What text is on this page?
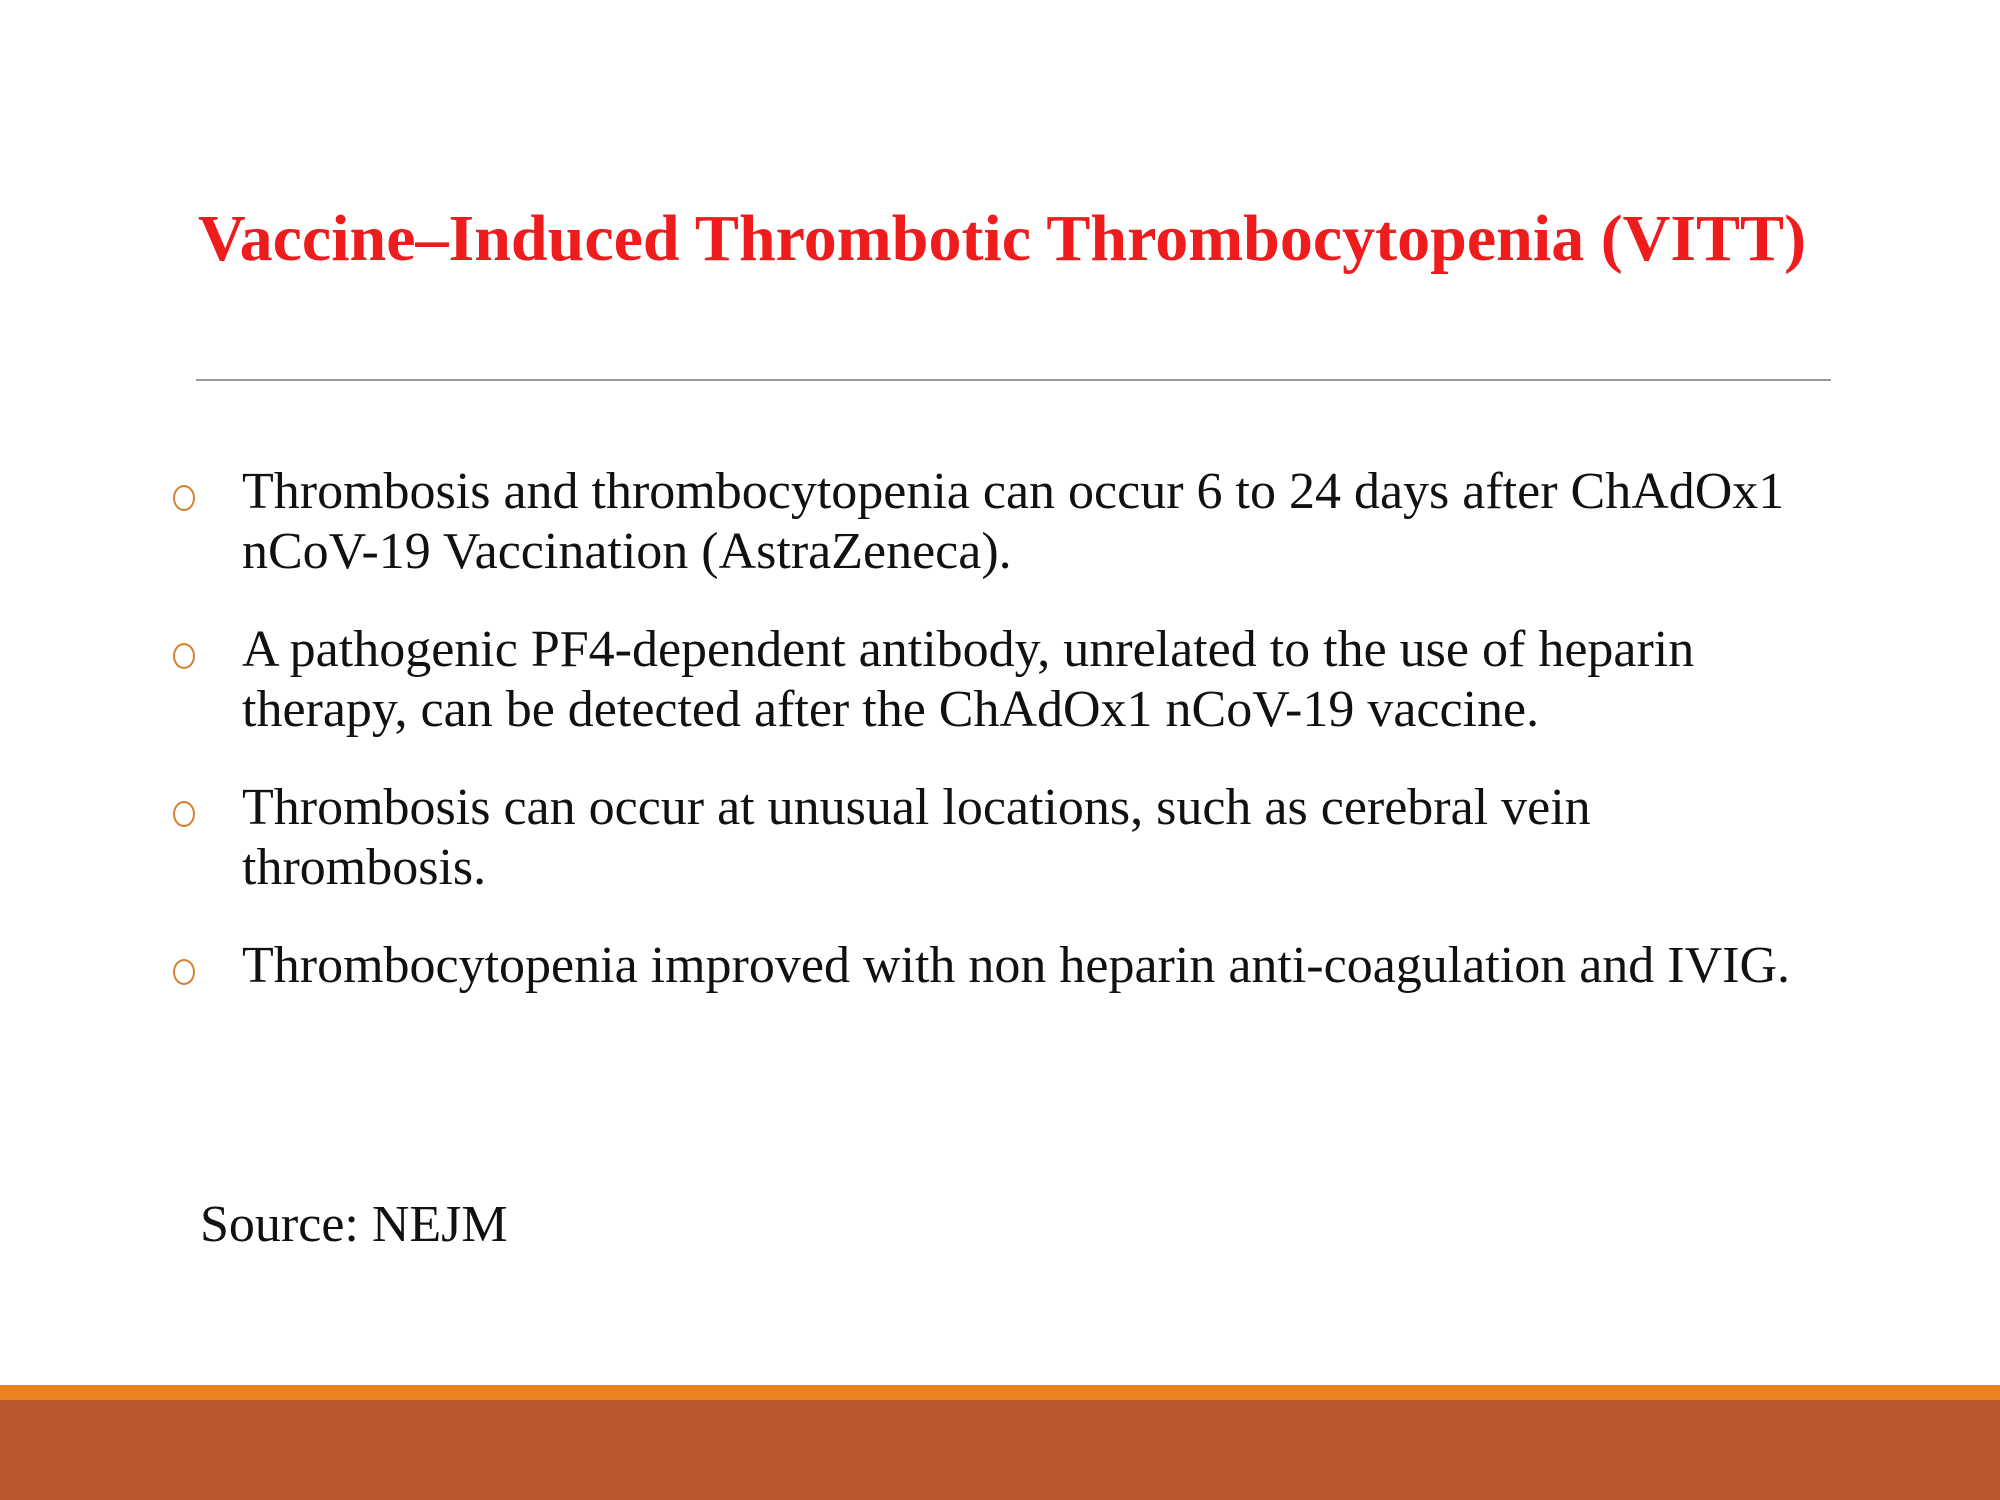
Vaccine–Induced Thrombotic Thrombocytopenia (VITT)
Thrombosis and thrombocytopenia can occur 6 to 24 days after ChAdOx1 nCoV-19 Vaccination (AstraZeneca).
A pathogenic PF4-dependent antibody, unrelated to the use of heparin therapy, can be detected after the ChAdOx1 nCoV-19 vaccine.
Thrombosis can occur at unusual locations, such as cerebral vein thrombosis.
Thrombocytopenia improved with non heparin anti-coagulation and IVIG.

Source: NEJM
